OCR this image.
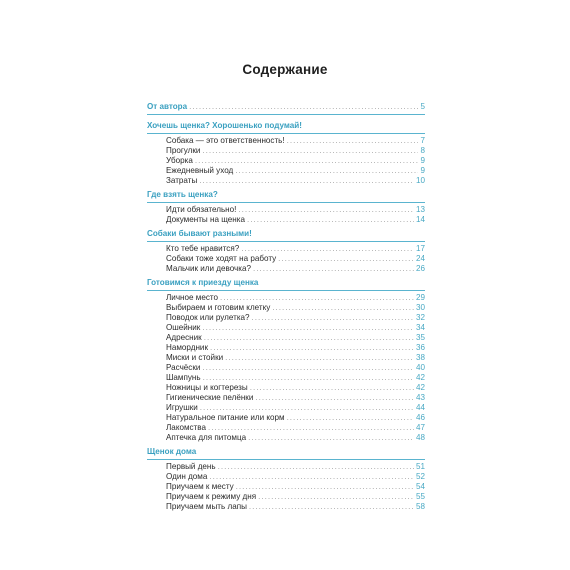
Содержание
От автора .....	5
Хочешь щенка? Хорошенько подумай!
Собака — это ответственность! .....	7
Прогулки .....	8
Уборка .....	9
Ежедневный уход .....	9
Затраты .....	10
Где взять щенка?
Идти обязательно! .....	13
Документы на щенка .....	14
Собаки бывают разными!
Кто тебе нравится? .....	17
Собаки тоже ходят на работу .....	24
Мальчик или девочка? .....	26
Готовимся к приезду щенка
Личное место .....	29
Выбираем и готовим клетку .....	30
Поводок или рулетка? .....	32
Ошейник .....	34
Адресник .....	35
Намордник .....	36
Миски и стойки .....	38
Расчёски .....	40
Шампунь .....	42
Ножницы и когтерезы .....	42
Гигиенические пелёнки .....	43
Игрушки .....	44
Натуральное питание или корм .....	46
Лакомства .....	47
Аптечка для питомца .....	48
Щенок дома
Первый день .....	51
Один дома .....	52
Приучаем к месту .....	54
Приучаем к режиму дня .....	55
Приучаем мыть лапы .....	58
